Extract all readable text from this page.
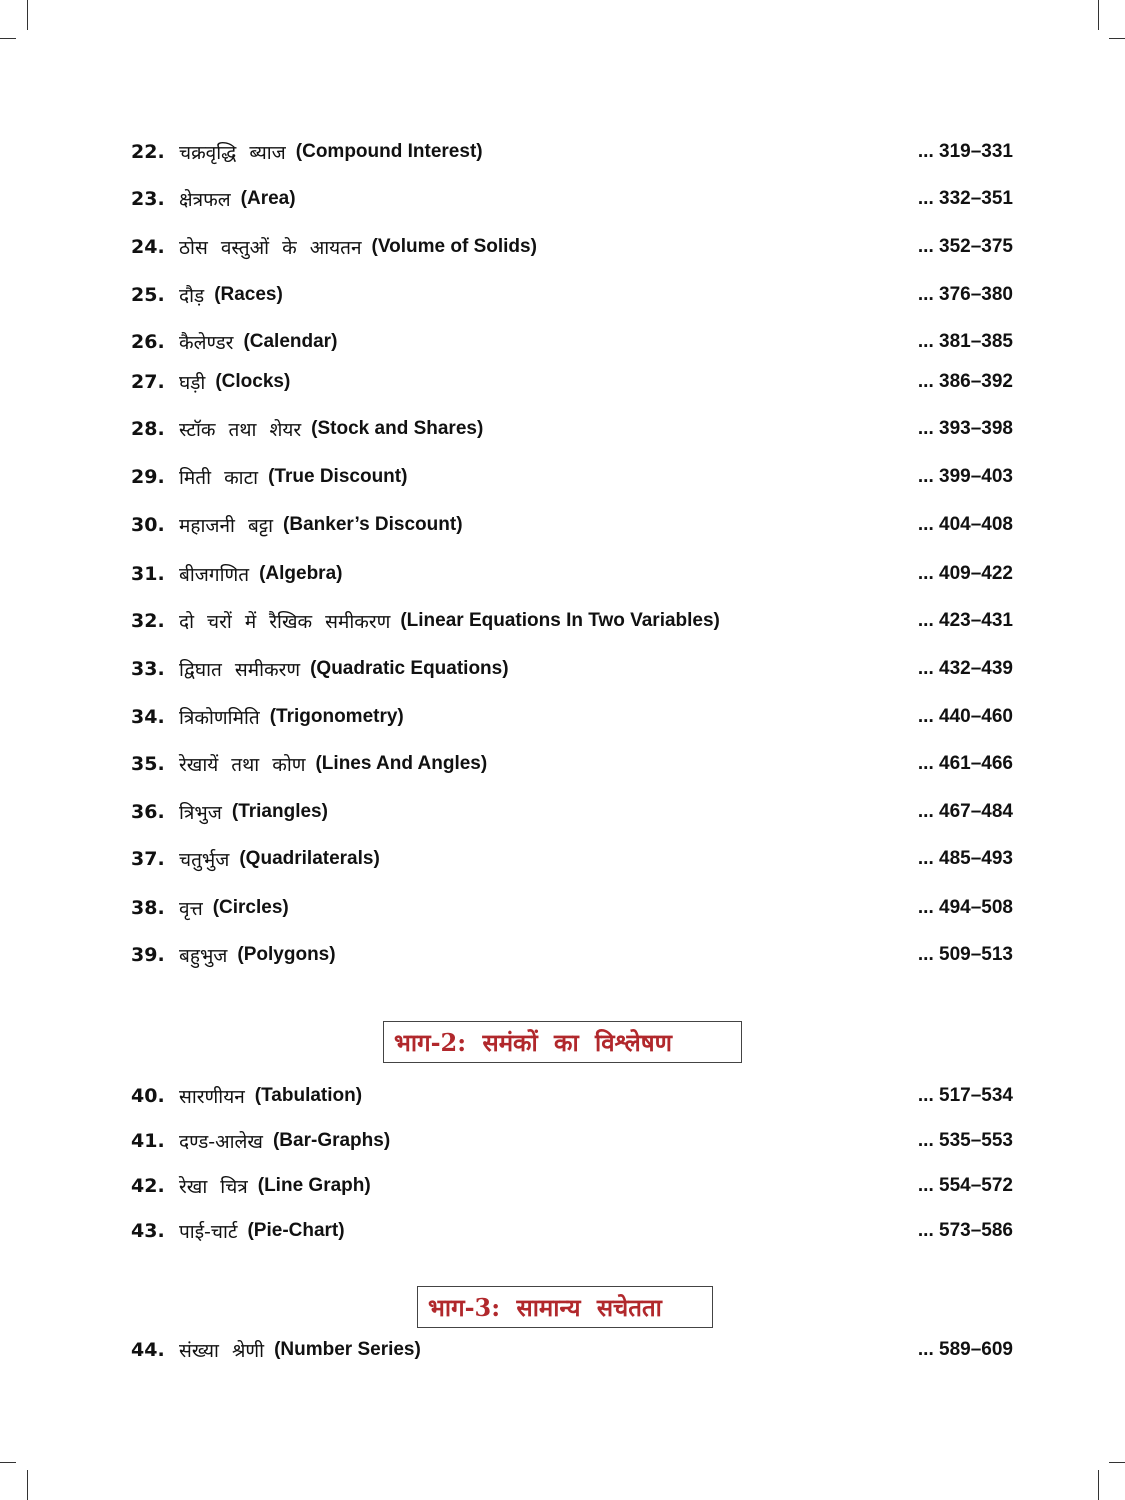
22. चक्रवृद्धि ब्याज (Compound Interest)	... 319–331
23. क्षेत्रफल (Area)	... 332–351
24. ठोस वस्तुओं के आयतन (Volume of Solids)	... 352–375
25. दौड़ (Races)	... 376–380
26. कैलेण्डर (Calendar)	... 381–385
27. घड़ी (Clocks)	... 386–392
28. स्टॉक तथा शेयर (Stock and Shares)	... 393–398
29. मिती काटा (True Discount)	... 399–403
30. महाजनी बट्टा (Banker’s Discount)	... 404–408
31. बीजगणित (Algebra)	... 409–422
32. दो चरों में रैखिक समीकरण (Linear Equations In Two Variables)	... 423–431
33. द्विघात समीकरण (Quadratic Equations)	... 432–439
34. त्रिकोणमिति (Trigonometry)	... 440–460
35. रेखायें तथा कोण (Lines And Angles)	... 461–466
36. त्रिभुज (Triangles)	... 467–484
37. चतुर्भुज (Quadrilaterals)	... 485–493
38. वृत्त (Circles)	... 494–508
39. बहुभुज (Polygons)	... 509–513
भाग-2: समंकों का विश्लेषण
40. सारणीयन (Tabulation)	... 517–534
41. दण्ड-आलेख (Bar-Graphs)	... 535–553
42. रेखा चित्र (Line Graph)	... 554–572
43. पाई-चार्ट (Pie-Chart)	... 573–586
भाग-3: सामान्य सचेतता
44. संख्या श्रेणी (Number Series)	... 589–609
